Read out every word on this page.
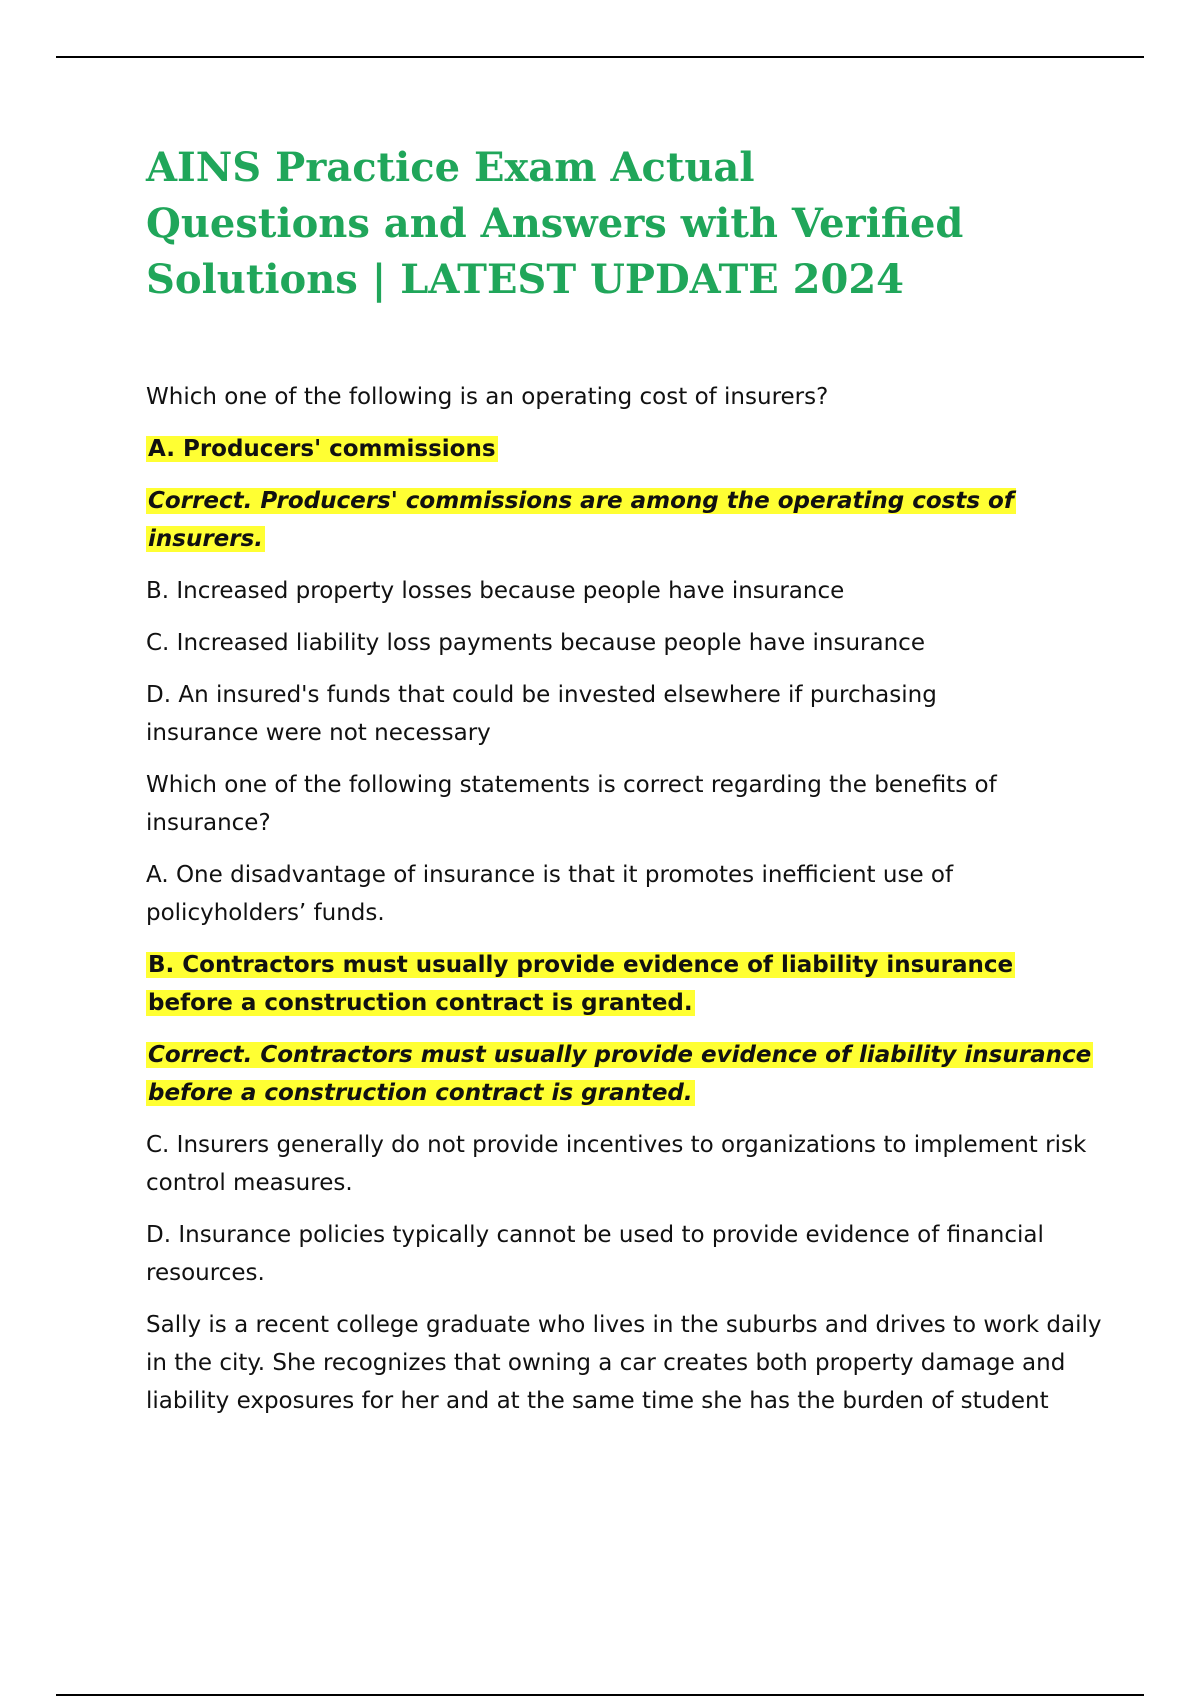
AINS Practice Exam Actual Questions and Answers with Verified Solutions | LATEST UPDATE 2024

Which one of the following is an operating cost of insurers?

A. Producers' commissions

Correct. Producers' commissions are among the operating costs of insurers.

B. Increased property losses because people have insurance

C. Increased liability loss payments because people have insurance

D. An insured's funds that could be invested elsewhere if purchasing insurance were not necessary

Which one of the following statements is correct regarding the benefits of insurance?

A. One disadvantage of insurance is that it promotes inefficient use of policyholders’ funds.

B. Contractors must usually provide evidence of liability insurance before a construction contract is granted.

Correct. Contractors must usually provide evidence of liability insurance before a construction contract is granted.

C. Insurers generally do not provide incentives to organizations to implement risk control measures.

D. Insurance policies typically cannot be used to provide evidence of financial resources.

Sally is a recent college graduate who lives in the suburbs and drives to work daily in the city. She recognizes that owning a car creates both property damage and liability exposures for her and at the same time she has the burden of student
